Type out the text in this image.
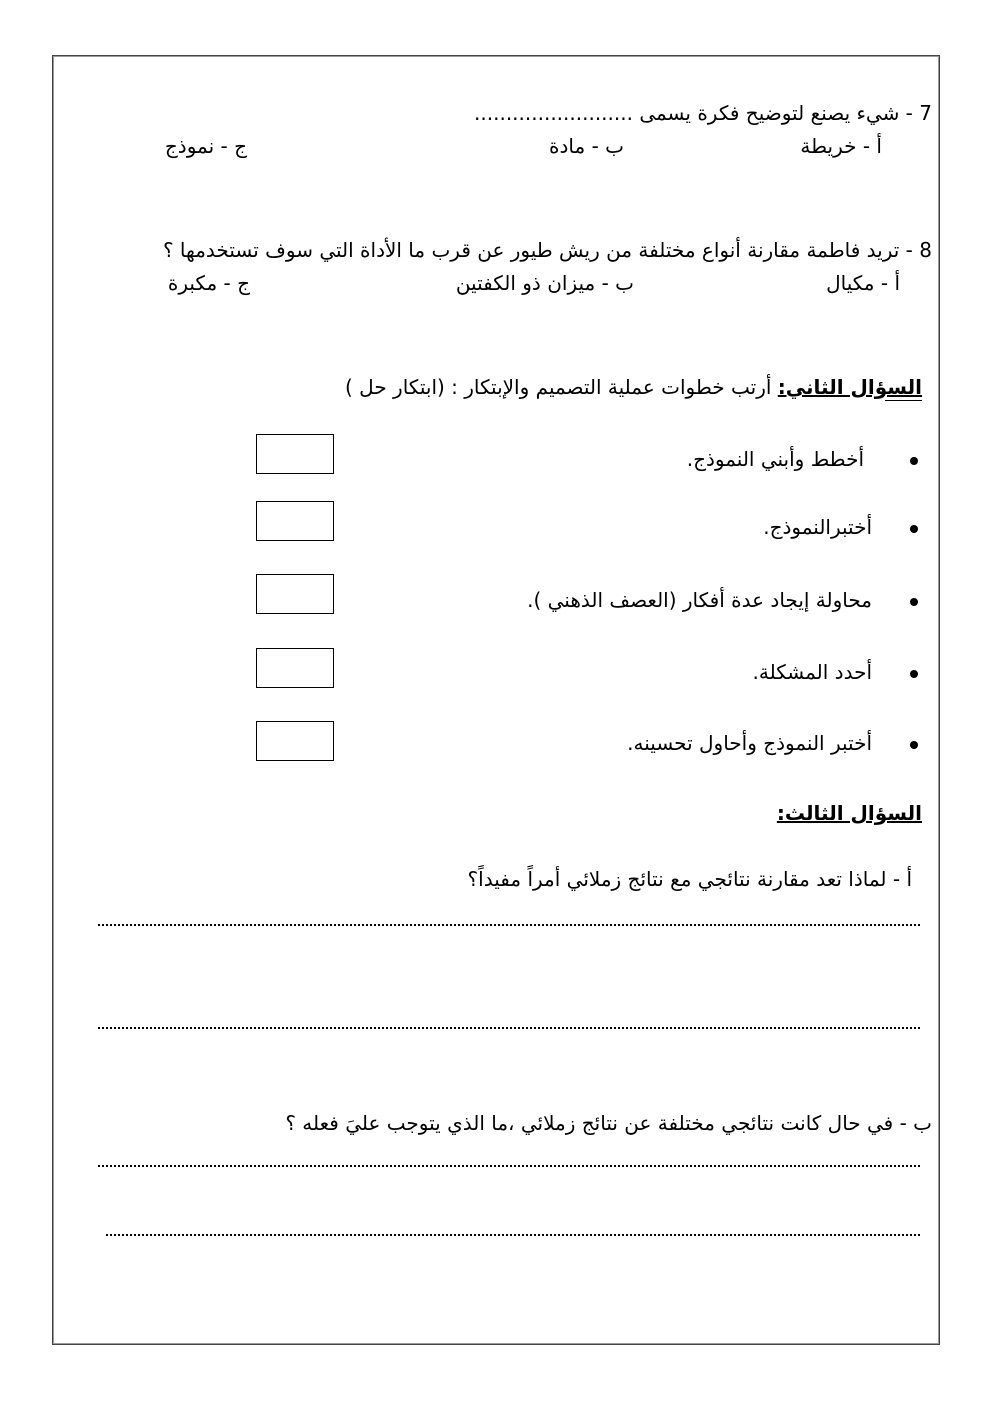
7 - شيء يصنع لتوضيح فكرة يسمى .........................
أ - خريطة
ب - مادة
ج - نموذج
8 - تريد فاطمة مقارنة أنواع مختلفة من ريش طيور عن قرب ما الأداة التي سوف تستخدمها ؟
أ - مكيال
ب - ميزان ذو الكفتين
ج - مكبرة
السؤال الثاني: أرتب خطوات عملية التصميم والإبتكار : (ابتكار حل )
أخطط وأبني النموذج.
أختبرالنموذج.
محاولة إيجاد عدة أفكار (العصف الذهني ).
أحدد المشكلة.
أختبر النموذج وأحاول تحسينه.
السؤال الثالث:
أ - لماذا تعد مقارنة نتائجي مع نتائج زملائي أمراً مفيداً؟
ب - في حال كانت نتائجي مختلفة عن نتائج زملائي ،ما الذي يتوجب عليَ فعله ؟
